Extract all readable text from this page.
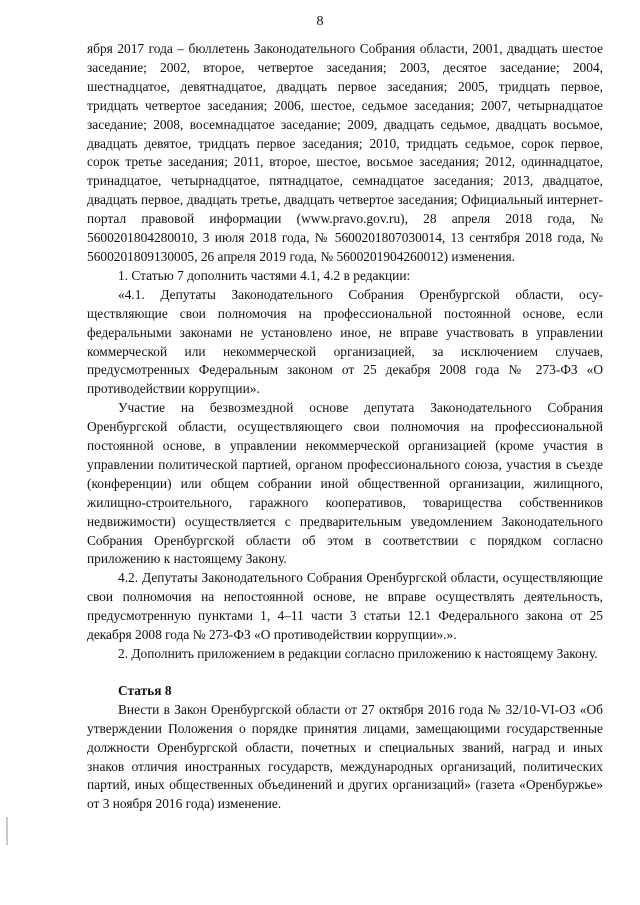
8

ября 2017 года – бюллетень Законодательного Собрания области, 2001, двадцать шестое заседание; 2002, второе, четвертое заседания; 2003, десятое заседание; 2004, шестнадцатое, девятнадцатое, двадцать первое заседания; 2005, тридцать первое, тридцать четвертое заседания; 2006, шестое, седьмое заседания; 2007, четырнадцатое заседание; 2008, восемнадцатое заседание; 2009, двадцать седьмое, двадцать восьмое, двадцать девятое, тридцать первое заседания; 2010, тридцать седьмое, сорок первое, сорок третье заседания; 2011, второе, шестое, восьмое заседания; 2012, одиннадцатое, тринадцатое, четырнадцатое, пятнадцатое, семнадцатое заседания; 2013, двадцатое, двадцать первое, двадцать третье, двадцать четвертое заседания; Официальный интернет-портал правовой информации (www.pravo.gov.ru), 28 апреля 2018 года, № 5600201804280010, 3 июля 2018 года, № 5600201807030014, 13 сентября 2018 года, № 5600201809130005, 26 апреля 2019 года, № 5600201904260012) изменения.

1. Статью 7 дополнить частями 4.1, 4.2 в редакции:

«4.1. Депутаты Законодательного Собрания Оренбургской области, осуществляющие свои полномочия на профессиональной постоянной основе, если федеральными законами не установлено иное, не вправе участвовать в управлении коммерческой или некоммерческой организацией, за исключением случаев, предусмотренных Федеральным законом от 25 декабря 2008 года № 273-ФЗ «О противодействии коррупции».

Участие на безвозмездной основе депутата Законодательного Собрания Оренбургской области, осуществляющего свои полномочия на профессиональной постоянной основе, в управлении некоммерческой организацией (кроме участия в управлении политической партией, органом профессионального союза, участия в съезде (конференции) или общем собрании иной общественной организации, жилищного, жилищно-строительного, гаражного кооперативов, товарищества собственников недвижимости) осуществляется с предварительным уведомлением Законодательного Собрания Оренбургской области об этом в соответствии с порядком согласно приложению к настоящему Закону.

4.2. Депутаты Законодательного Собрания Оренбургской области, осуществляющие свои полномочия на непостоянной основе, не вправе осуществлять деятельность, предусмотренную пунктами 1, 4–11 части 3 статьи 12.1 Федерального закона от 25 декабря 2008 года № 273-ФЗ «О противодействии коррупции».».

2. Дополнить приложением в редакции согласно приложению к настоящему Закону.

Статья 8

Внести в Закон Оренбургской области от 27 октября 2016 года № 32/10-VI-ОЗ «Об утверждении Положения о порядке принятия лицами, замещающими государственные должности Оренбургской области, почетных и специальных званий, наград и иных знаков отличия иностранных государств, международных организаций, политических партий, иных общественных объединений и других организаций» (газета «Оренбуржье» от 3 ноября 2016 года) изменение.
